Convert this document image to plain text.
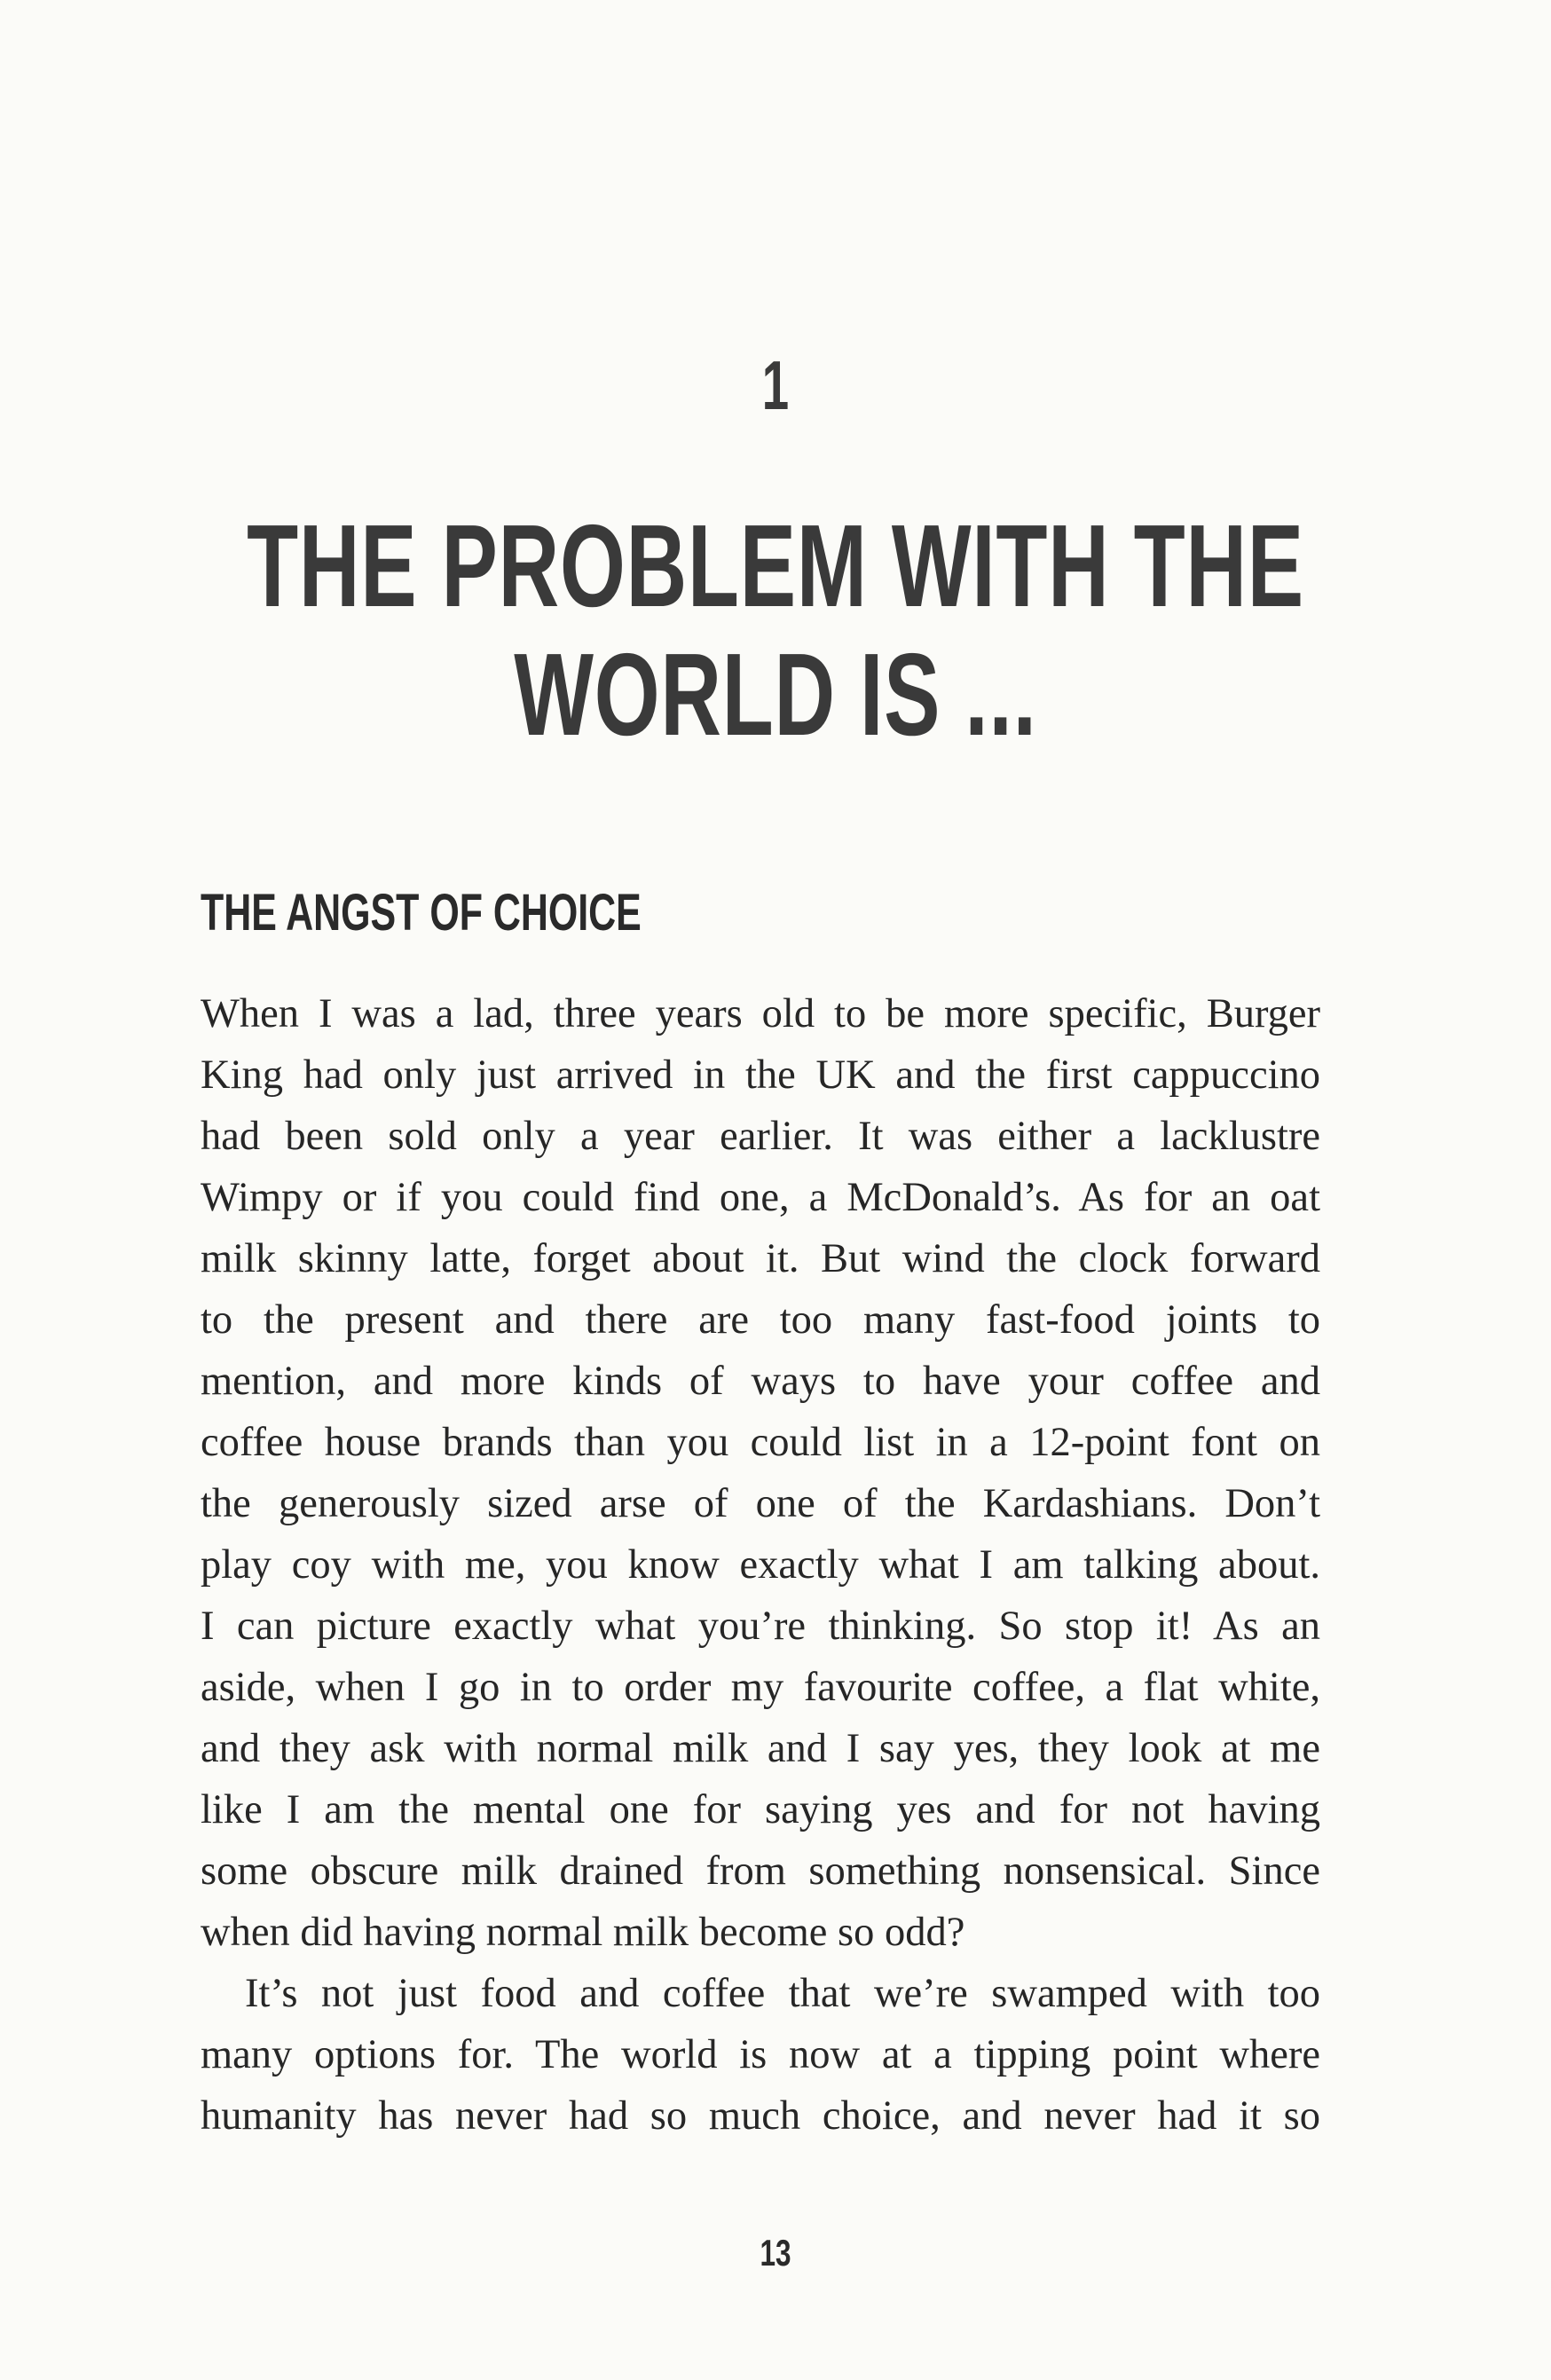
1
THE PROBLEM WITH THE
WORLD IS ...
THE ANGST OF CHOICE
When I was a lad, three years old to be more specific, Burger
King had only just arrived in the UK and the first cappuccino
had been sold only a year earlier. It was either a lacklustre
Wimpy or if you could find one, a McDonald’s. As for an oat
milk skinny latte, forget about it. But wind the clock forward
to the present and there are too many fast-food joints to
mention, and more kinds of ways to have your coffee and
coffee house brands than you could list in a 12-point font on
the generously sized arse of one of the Kardashians. Don’t
play coy with me, you know exactly what I am talking about.
I can picture exactly what you’re thinking. So stop it! As an
aside, when I go in to order my favourite coffee, a flat white,
and they ask with normal milk and I say yes, they look at me
like I am the mental one for saying yes and for not having
some obscure milk drained from something nonsensical. Since
when did having normal milk become so odd?
It’s not just food and coffee that we’re swamped with too
many options for. The world is now at a tipping point where
humanity has never had so much choice, and never had it so
13
